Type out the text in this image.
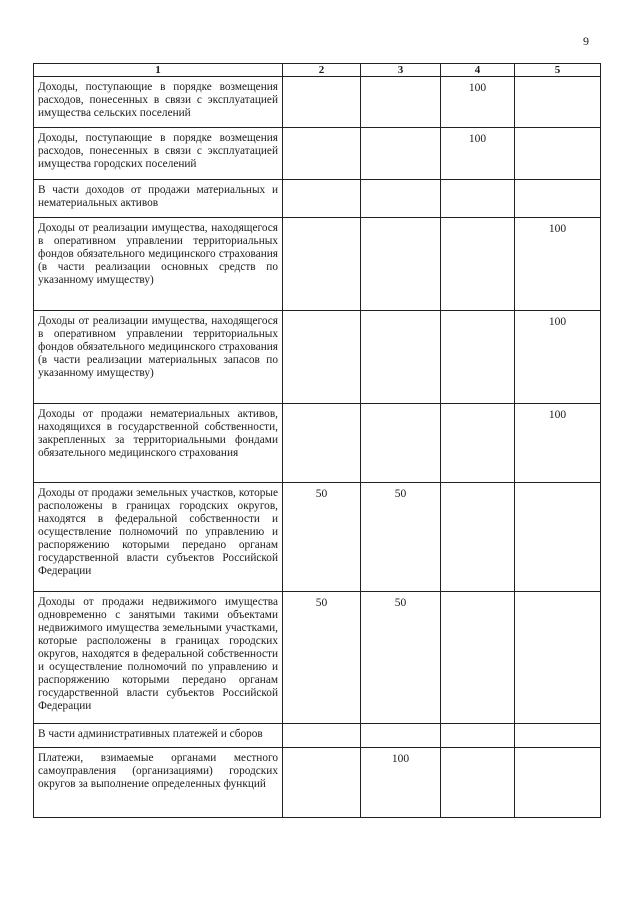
9
1	2	3	4	5
Доходы, поступающие в порядке возмещения расходов, понесенных в связи с эксплуатацией имущества сельских поселений			100	
Доходы, поступающие в порядке возмещения расходов, понесенных в связи с эксплуатацией имущества городских поселений			100	
В части доходов от продажи материальных и нематериальных активов				
Доходы от реализации имущества, находящегося в оперативном управлении территориальных фондов обязательного медицинского страхования (в части реализации основных средств по указанному имуществу)				100
Доходы от реализации имущества, находящегося в оперативном управлении территориальных фондов обязательного медицинского страхования (в части реализации материальных запасов по указанному имуществу)				100
Доходы от продажи нематериальных активов, находящихся в государственной собственности, закрепленных за территориальными фондами обязательного медицинского страхования				100
Доходы от продажи земельных участков, которые расположены в границах городских округов, находятся в федеральной собственности и осуществление полномочий по управлению и распоряжению которыми передано органам государственной власти субъектов Российской Федерации	50	50		
Доходы от продажи недвижимого имущества одновременно с занятыми такими объектами недвижимого имущества земельными участками, которые расположены в границах городских округов, находятся в федеральной собственности и осуществление полномочий по управлению и распоряжению которыми передано органам государственной власти субъектов Российской Федерации	50	50		
В части административных платежей и сборов				
Платежи, взимаемые органами местного самоуправления (организациями) городских округов за выполнение определенных функций		100		
